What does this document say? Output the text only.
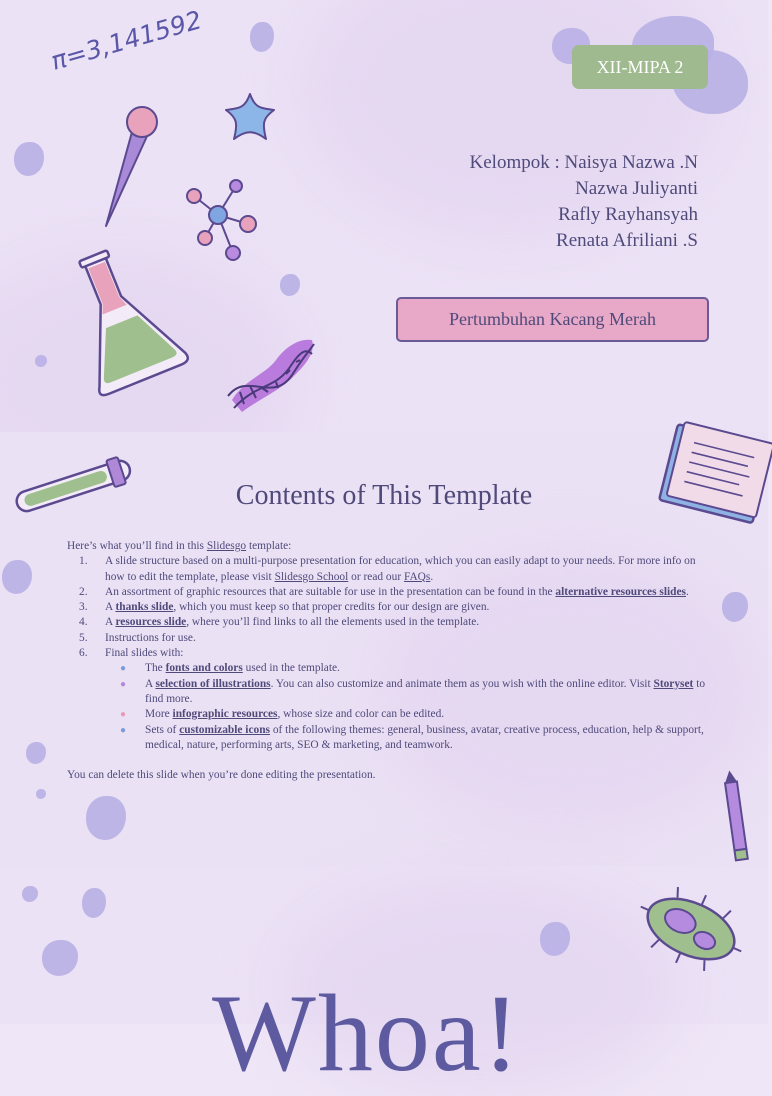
π=3,141592	XII-MIPA 2
Kelompok : Naisya Nazwa .N
Nazwa Juliyanti
Rafly Rayhansyah
Renata Afriliani .S
Pertumbuhan Kacang Merah
Contents of This Template
Here’s what you’ll find in this Slidesgo template:
1.	A slide structure based on a multi-purpose presentation for education, which you can easily adapt to your needs. For more info on how to edit the template, please visit Slidesgo School or read our FAQs.
2.	An assortment of graphic resources that are suitable for use in the presentation can be found in the alternative resources slides.
3.	A thanks slide, which you must keep so that proper credits for our design are given.
4.	A resources slide, where you’ll find links to all the elements used in the template.
5.	Instructions for use.
6.	Final slides with:
●	The fonts and colors used in the template.
●	A selection of illustrations. You can also customize and animate them as you wish with the online editor. Visit Storyset to find more.
●	More infographic resources, whose size and color can be edited.
●	Sets of customizable icons of the following themes: general, business, avatar, creative process, education, help & support, medical, nature, performing arts, SEO & marketing, and teamwork.
You can delete this slide when you’re done editing the presentation.
Whoa!
